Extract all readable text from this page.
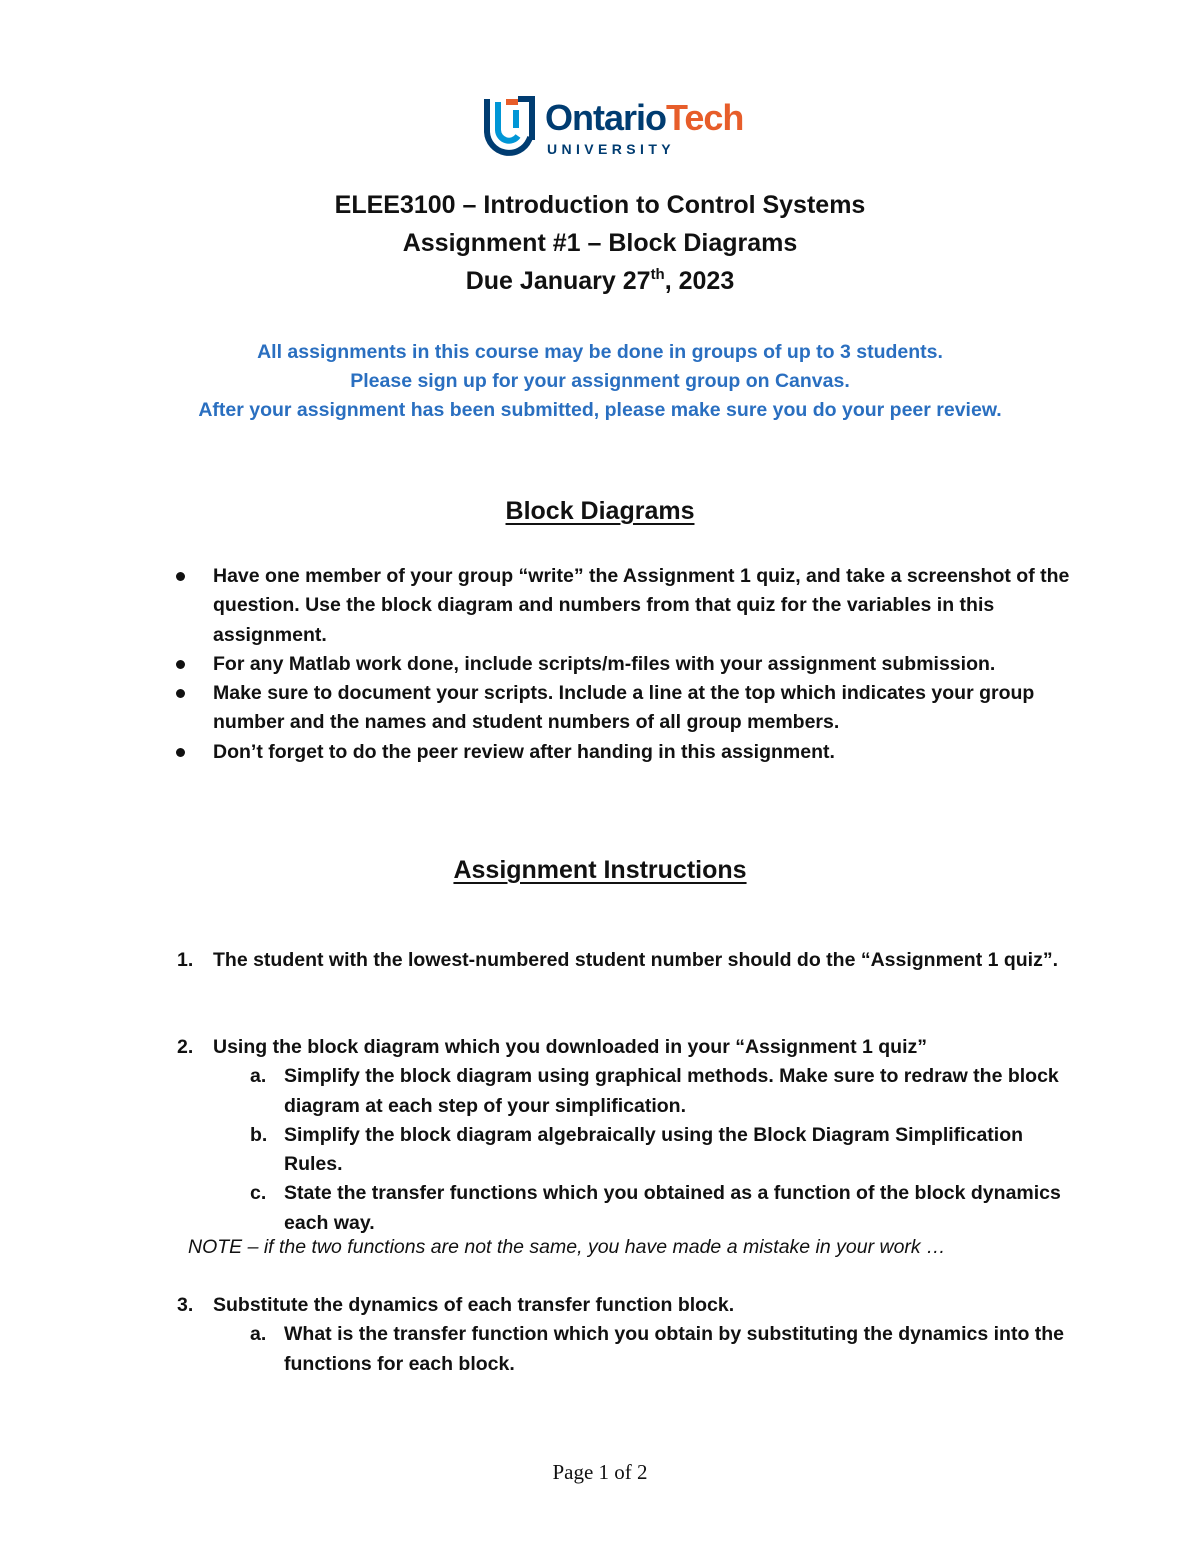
OntarioTech
UNIVERSITY
ELEE3100 – Introduction to Control Systems
Assignment #1 – Block Diagrams
Due January 27th, 2023
All assignments in this course may be done in groups of up to 3 students.
Please sign up for your assignment group on Canvas.
After your assignment has been submitted, please make sure you do your peer review.
Block Diagrams
Have one member of your group “write” the Assignment 1 quiz, and take a screenshot of the question. Use the block diagram and numbers from that quiz for the variables in this assignment.
For any Matlab work done, include scripts/m-files with your assignment submission.
Make sure to document your scripts. Include a line at the top which indicates your group number and the names and student numbers of all group members.
Don’t forget to do the peer review after handing in this assignment.
Assignment Instructions
1. The student with the lowest-numbered student number should do the “Assignment 1 quiz”.
2. Using the block diagram which you downloaded in your “Assignment 1 quiz”
a. Simplify the block diagram using graphical methods. Make sure to redraw the block diagram at each step of your simplification.
b. Simplify the block diagram algebraically using the Block Diagram Simplification Rules.
c. State the transfer functions which you obtained as a function of the block dynamics each way.
NOTE – if the two functions are not the same, you have made a mistake in your work …
3. Substitute the dynamics of each transfer function block.
a. What is the transfer function which you obtain by substituting the dynamics into the functions for each block.
Page 1 of 2
